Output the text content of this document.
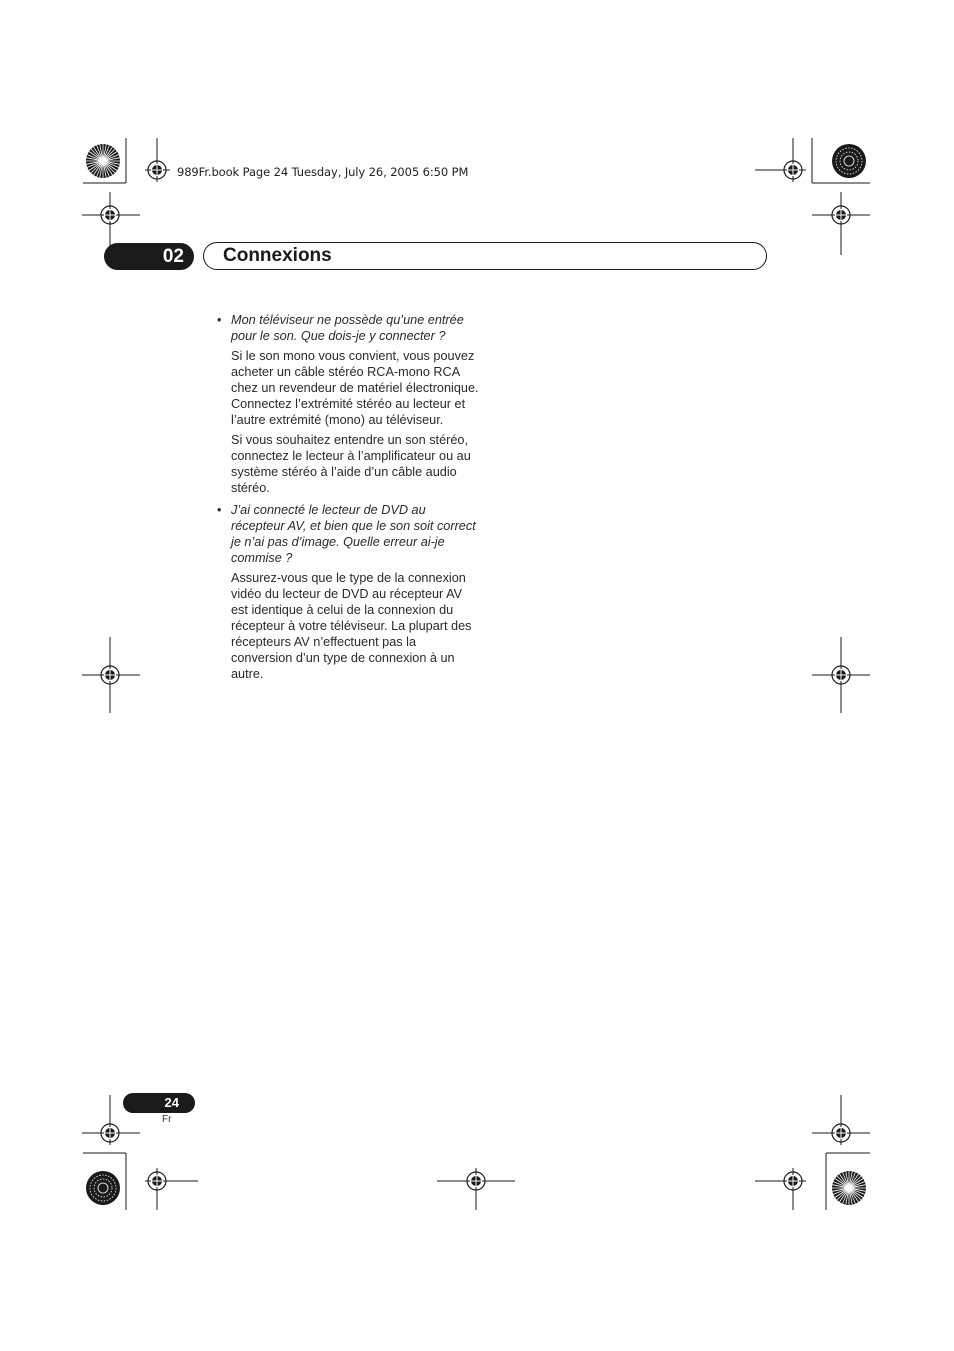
989Fr.book Page 24 Tuesday, July 26, 2005 6:50 PM
02	Connexions
• Mon téléviseur ne possède qu’une entrée pour le son. Que dois-je y connecter ?

Si le son mono vous convient, vous pouvez acheter un câble stéréo RCA-mono RCA chez un revendeur de matériel électronique. Connectez l’extrémité stéréo au lecteur et l’autre extrémité (mono) au téléviseur.

Si vous souhaitez entendre un son stéréo, connectez le lecteur à l’amplificateur ou au système stéréo à l’aide d’un câble audio stéréo.

• J’ai connecté le lecteur de DVD au récepteur AV, et bien que le son soit correct je n’ai pas d’image. Quelle erreur ai-je commise ?

Assurez-vous que le type de la connexion vidéo du lecteur de DVD au récepteur AV est identique à celui de la connexion du récepteur à votre téléviseur. La plupart des récepteurs AV n’effectuent pas la conversion d’un type de connexion à un autre.

24
Fr
